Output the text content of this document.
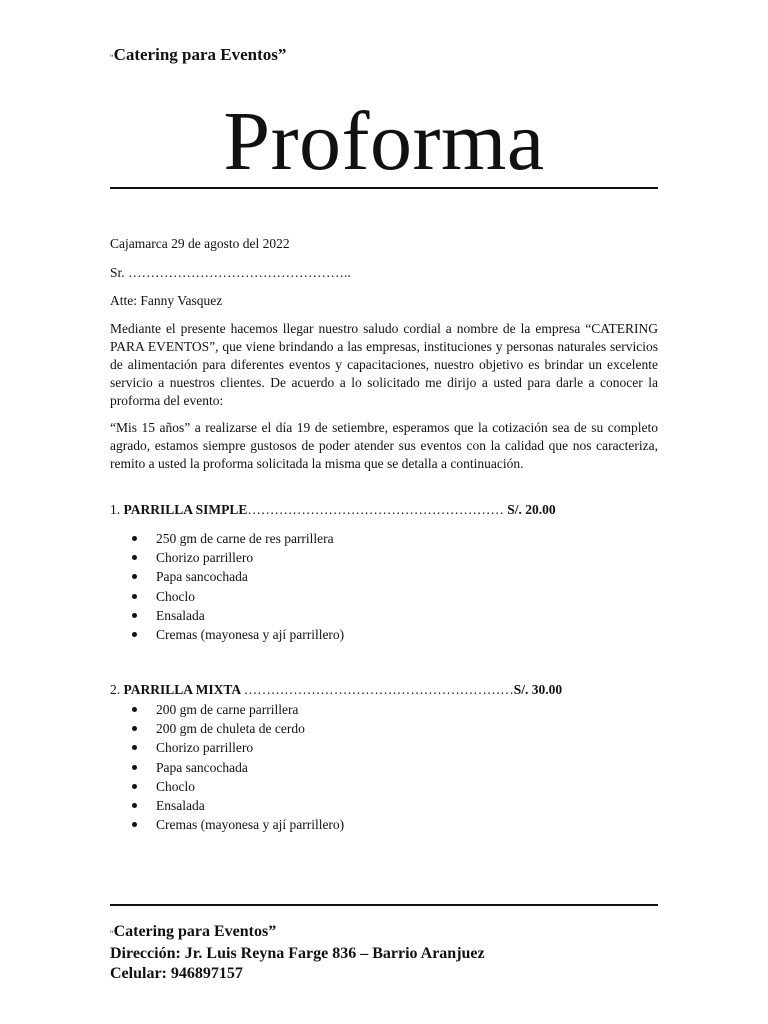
“Catering para Eventos”
Proforma
Cajamarca 29 de agosto del 2022
Sr. …………………………………………..
Atte: Fanny Vasquez
Mediante el presente hacemos llegar nuestro saludo cordial a nombre de la empresa “CATERING PARA EVENTOS”, que viene brindando a las empresas, instituciones y personas naturales servicios de alimentación para diferentes eventos y capacitaciones, nuestro objetivo es brindar un excelente servicio a nuestros clientes. De acuerdo a lo solicitado me dirijo a usted para darle a conocer la proforma del evento:
“Mis 15 años” a realizarse el día 19 de setiembre, esperamos que la cotización sea de su completo agrado, estamos siempre gustosos de poder atender sus eventos con la calidad que nos caracteriza, remito a usted la proforma solicitada la misma que se detalla a continuación.
1. PARRILLA SIMPLE………………………………………………… S/. 20.00
250 gm de carne de res parrillera
Chorizo parrillero
Papa sancochada
Choclo
Ensalada
Cremas (mayonesa y ají parrillero)
2. PARRILLA MIXTA ……………………………………………………S/. 30.00
200 gm de carne parrillera
200 gm de chuleta de cerdo
Chorizo parrillero
Papa sancochada
Choclo
Ensalada
Cremas (mayonesa y ají parrillero)
“Catering para Eventos”
Dirección: Jr. Luis Reyna Farge 836 – Barrio Aranjuez
Celular: 946897157
